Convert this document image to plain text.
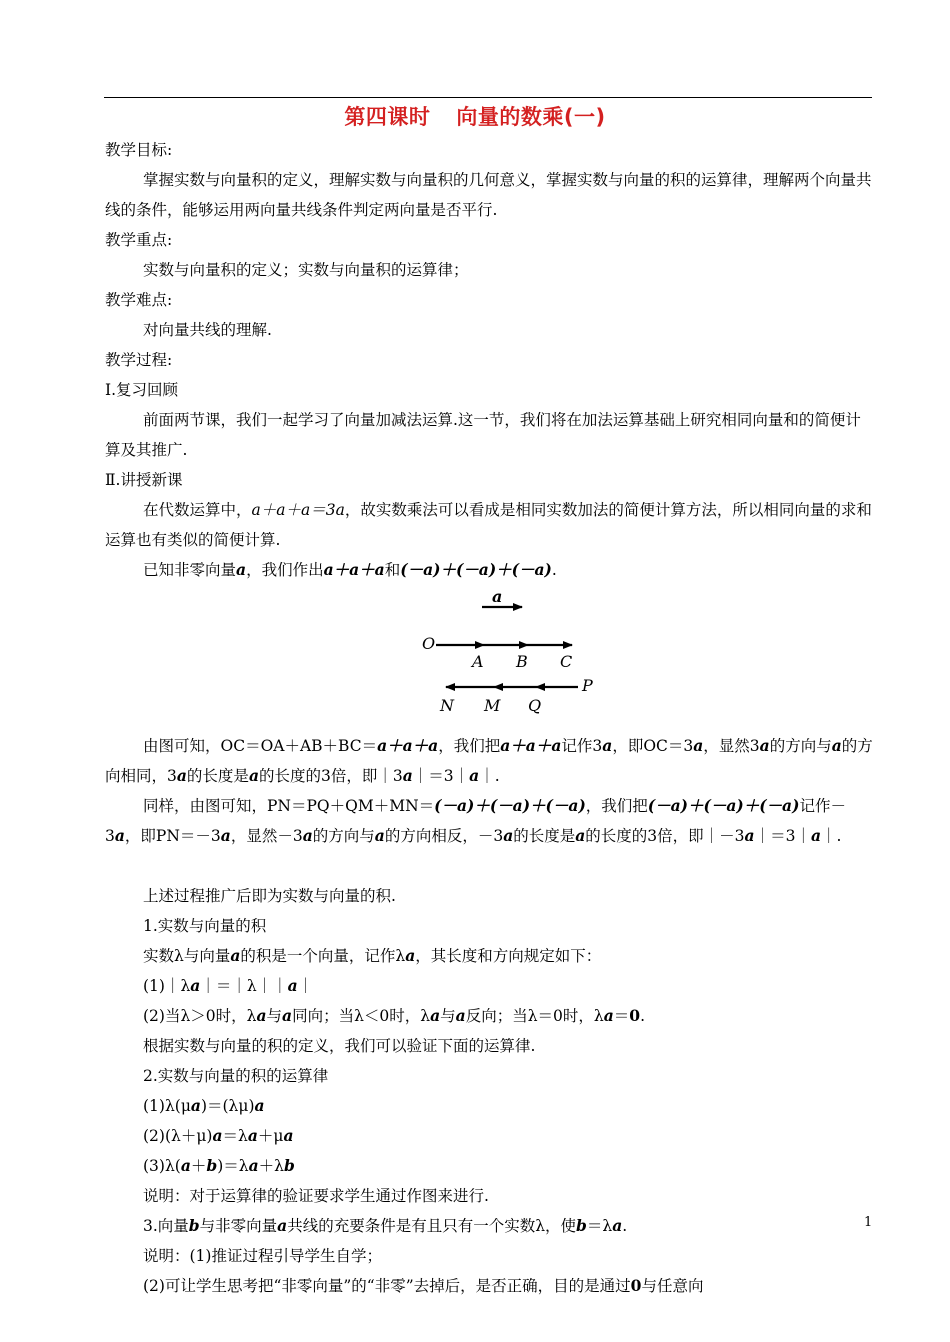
第四课时 向量的数乘(一)
教学目标:
掌握实数与向量积的定义，理解实数与向量积的几何意义，掌握实数与向量的积的运算律，理解两个向量共线的条件，能够运用两向量共线条件判定两向量是否平行.
教学重点:
实数与向量积的定义；实数与向量积的运算律；
教学难点:
对向量共线的理解.
教学过程:
Ⅰ.复习回顾
前面两节课，我们一起学习了向量加减法运算.这一节，我们将在加法运算基础上研究相同向量和的简便计算及其推广.
Ⅱ.讲授新课
在代数运算中，a＋a＋a＝3a，故实数乘法可以看成是相同实数加法的简便计算方法，所以相同向量的求和运算也有类似的简便计算.
已知非零向量a，我们作出a＋a＋a和(－a)＋(－a)＋(－a).
a
O
A B C
P
Q
M
N
由图可知，OC＝OA＋AB＋BC＝a＋a＋a，我们把a＋a＋a记作3a，即OC＝3a，显然3a的方向与a的方向相同，3a的长度是a的长度的3倍，即｜3a｜＝3｜a｜.
同样，由图可知，PN＝PQ＋QM＋MN＝(－a)＋(－a)＋(－a)，我们把(－a)＋(－a)＋(－a)记作－3a，即PN＝－3a，显然－3a的方向与a的方向相反，－3a的长度是a的长度的3倍，即｜－3a｜＝3｜a｜.
上述过程推广后即为实数与向量的积.
1.实数与向量的积
实数λ与向量a的积是一个向量，记作λa，其长度和方向规定如下：
(1)｜λa｜＝｜λ｜｜a｜
(2)当λ＞0时，λa与a同向；当λ＜0时，λa与a反向；当λ＝0时，λa＝0.
根据实数与向量的积的定义，我们可以验证下面的运算律.
2.实数与向量的积的运算律
(1)λ(μa)＝(λμ)a
(2)(λ＋μ)a＝λa＋μa
(3)λ(a＋b)＝λa＋λb
说明：对于运算律的验证要求学生通过作图来进行.
3.向量b与非零向量a共线的充要条件是有且只有一个实数λ，使b＝λa.
说明：(1)推证过程引导学生自学；
(2)可让学生思考把“非零向量”的“非零”去掉后，是否正确，目的是通过0与任意向
1
